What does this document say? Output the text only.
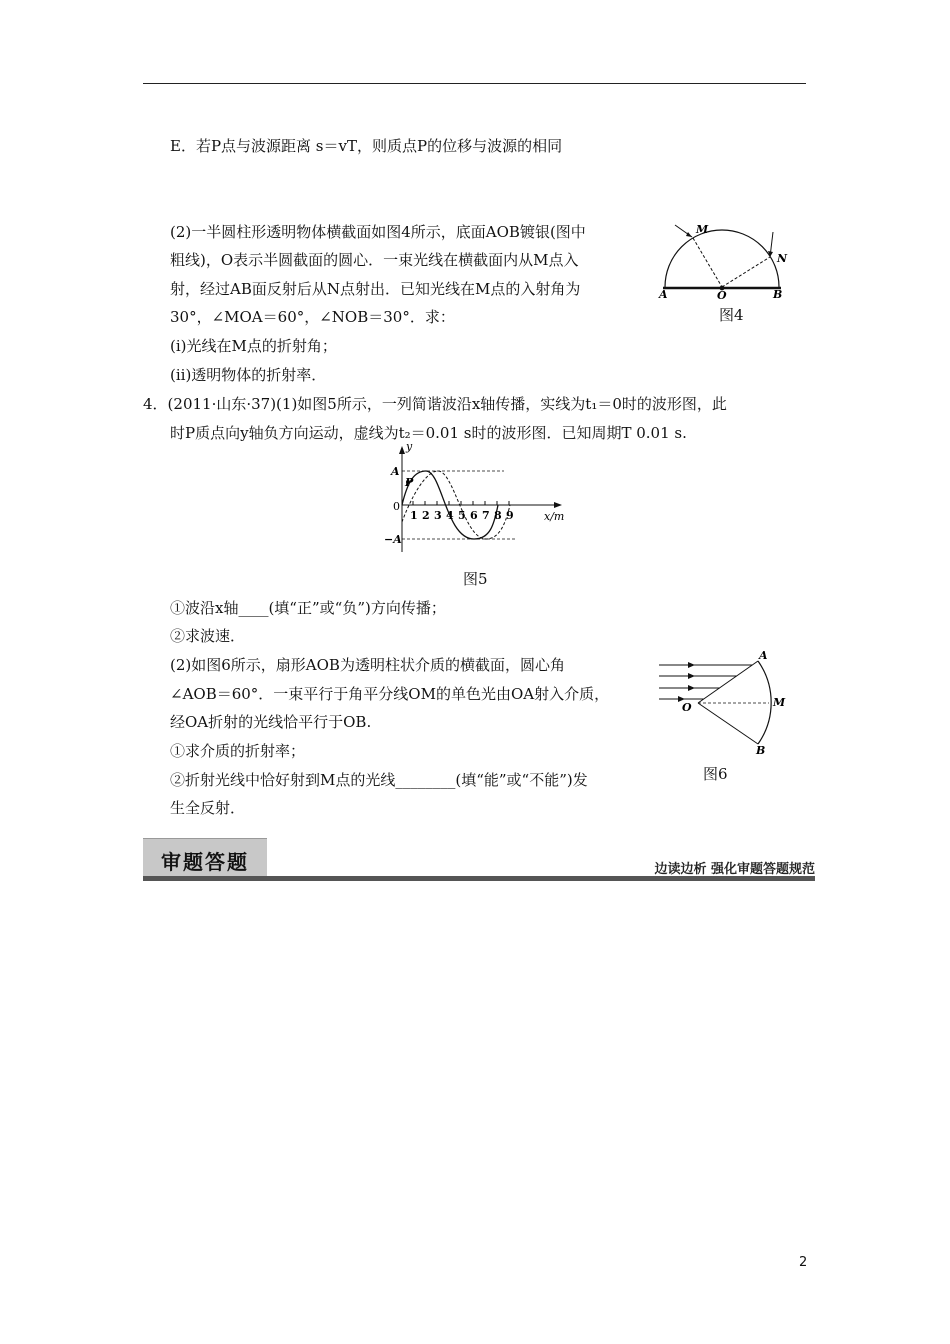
E．若P点与波源距离 s＝vT，则质点P的位移与波源的相同
(2)一半圆柱形透明物体横截面如图4所示，底面AOB镀银(图中
粗线)，O表示半圆截面的圆心．一束光线在横截面内从M点入
射，经过AB面反射后从N点射出．已知光线在M点的入射角为
30°，∠MOA＝60°，∠NOB＝30°．求：
(ⅰ)光线在M点的折射角；
(ⅱ)透明物体的折射率．
A	O	B
M
N
图4
4．(2011·山东·37)(1)如图5所示，一列简谐波沿x轴传播，实线为t₁＝0时的波形图，此
时P质点向y轴负方向运动，虚线为t₂＝0.01 s时的波形图．已知周期T 0.01 s.
y
A
−A
P
0
1 2 3 4 5 6 7 8 9	x/m
图5
①波沿x轴____(填“正”或“负”)方向传播；
②求波速．
(2)如图6所示，扇形AOB为透明柱状介质的横截面，圆心角
∠AOB＝60°．一束平行于角平分线OM的单色光由OA射入介质，
经OA折射的光线恰平行于OB.
①求介质的折射率；
②折射光线中恰好射到M点的光线________(填“能”或“不能”)发
生全反射．
A
O	M
B
图6
审题答题	边读边析 强化审题答题规范
2
